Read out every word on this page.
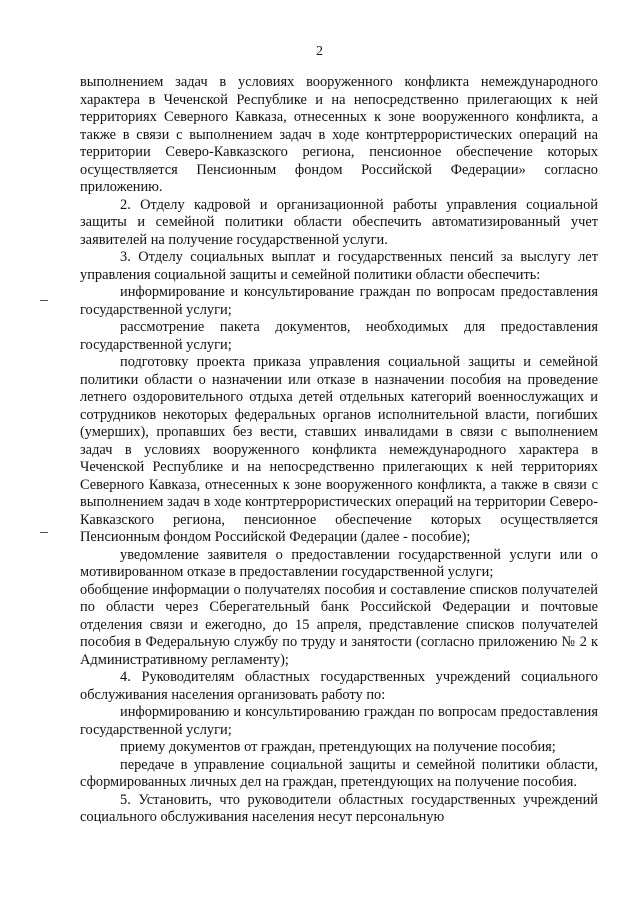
2

выполнением задач в условиях вооруженного конфликта немеждународного характера в Чеченской Республике и на непосредственно прилегающих к ней территориях Северного Кавказа, отнесенных к зоне вооруженного конфликта, а также в связи с выполнением задач в ходе контртеррористических операций на территории Северо-Кавказского региона, пенсионное обеспечение которых осуществляется Пенсионным фондом Российской Федерации» согласно приложению.

2. Отделу кадровой и организационной работы управления социальной защиты и семейной политики области обеспечить автоматизированный учет заявителей на получение государственной услуги.

3. Отделу социальных выплат и государственных пенсий за выслугу лет управления социальной защиты и семейной политики области обеспечить:

информирование и консультирование граждан по вопросам предоставления государственной услуги;

рассмотрение пакета документов, необходимых для предоставления государственной услуги;

подготовку проекта приказа управления социальной защиты и семейной политики области о назначении или отказе в назначении пособия на проведение летнего оздоровительного отдыха детей отдельных категорий военнослужащих и сотрудников некоторых федеральных органов исполнительной власти, погибших (умерших), пропавших без вести, ставших инвалидами в связи с выполнением задач в условиях вооруженного конфликта немеждународного характера в Чеченской Республике и на непосредственно прилегающих к ней территориях Северного Кавказа, отнесенных к зоне вооруженного конфликта, а также в связи с выполнением задач в ходе контртеррористических операций на территории Северо-Кавказского региона, пенсионное обеспечение которых осуществляется Пенсионным фондом Российской Федерации (далее - пособие);

уведомление заявителя о предоставлении государственной услуги или о мотивированном отказе в предоставлении государственной услуги;

обобщение информации о получателях пособия и составление списков получателей по области через Сберегательный банк Российской Федерации и почтовые отделения связи и ежегодно, до 15 апреля, представление списков получателей пособия в Федеральную службу по труду и занятости (согласно приложению № 2 к Административному регламенту);

4. Руководителям областных государственных учреждений социального обслуживания населения организовать работу по:

информированию и консультированию граждан по вопросам предоставления государственной услуги;

приему документов от граждан, претендующих на получение пособия;

передаче в управление социальной защиты и семейной политики области, сформированных личных дел на граждан, претендующих на получение пособия.

5. Установить, что руководители областных государственных учреждений социального обслуживания населения несут персональную
